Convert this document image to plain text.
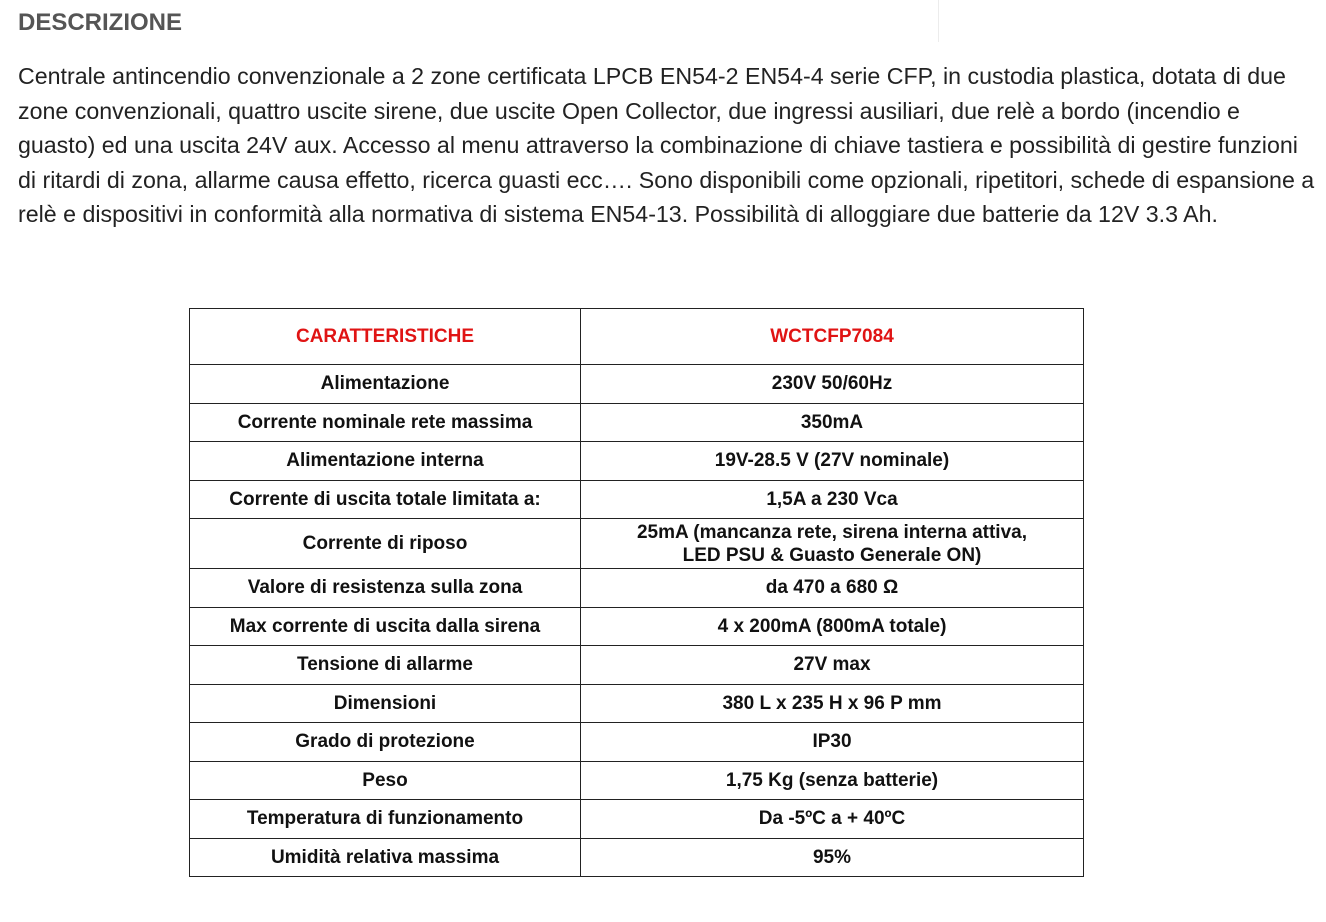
DESCRIZIONE

Centrale antincendio convenzionale a 2 zone certificata LPCB EN54-2 EN54-4 serie CFP, in custodia plastica, dotata di due zone convenzionali, quattro uscite sirene, due uscite Open Collector, due ingressi ausiliari, due relè a bordo (incendio e guasto) ed una uscita 24V aux. Accesso al menu attraverso la combinazione di chiave tastiera e possibilità di gestire funzioni di ritardi di zona, allarme causa effetto, ricerca guasti ecc…. Sono disponibili come opzionali, ripetitori, schede di espansione a relè e dispositivi in conformità alla normativa di sistema EN54-13. Possibilità di alloggiare due batterie da 12V 3.3 Ah.

CARATTERISTICHE	WCTCFP7084
Alimentazione	230V 50/60Hz
Corrente nominale rete massima	350mA
Alimentazione interna	19V-28.5 V (27V nominale)
Corrente di uscita totale limitata a:	1,5A a 230 Vca
Corrente di riposo	25mA (mancanza rete, sirena interna attiva,
LED PSU & Guasto Generale ON)
Valore di resistenza sulla zona	da 470 a 680 Ω
Max corrente di uscita dalla sirena	4 x 200mA (800mA totale)
Tensione di allarme	27V max
Dimensioni	380 L x 235 H x 96 P mm
Grado di protezione	IP30
Peso	1,75 Kg (senza batterie)
Temperatura di funzionamento	Da -5ºC a + 40ºC
Umidità relativa massima	95%
